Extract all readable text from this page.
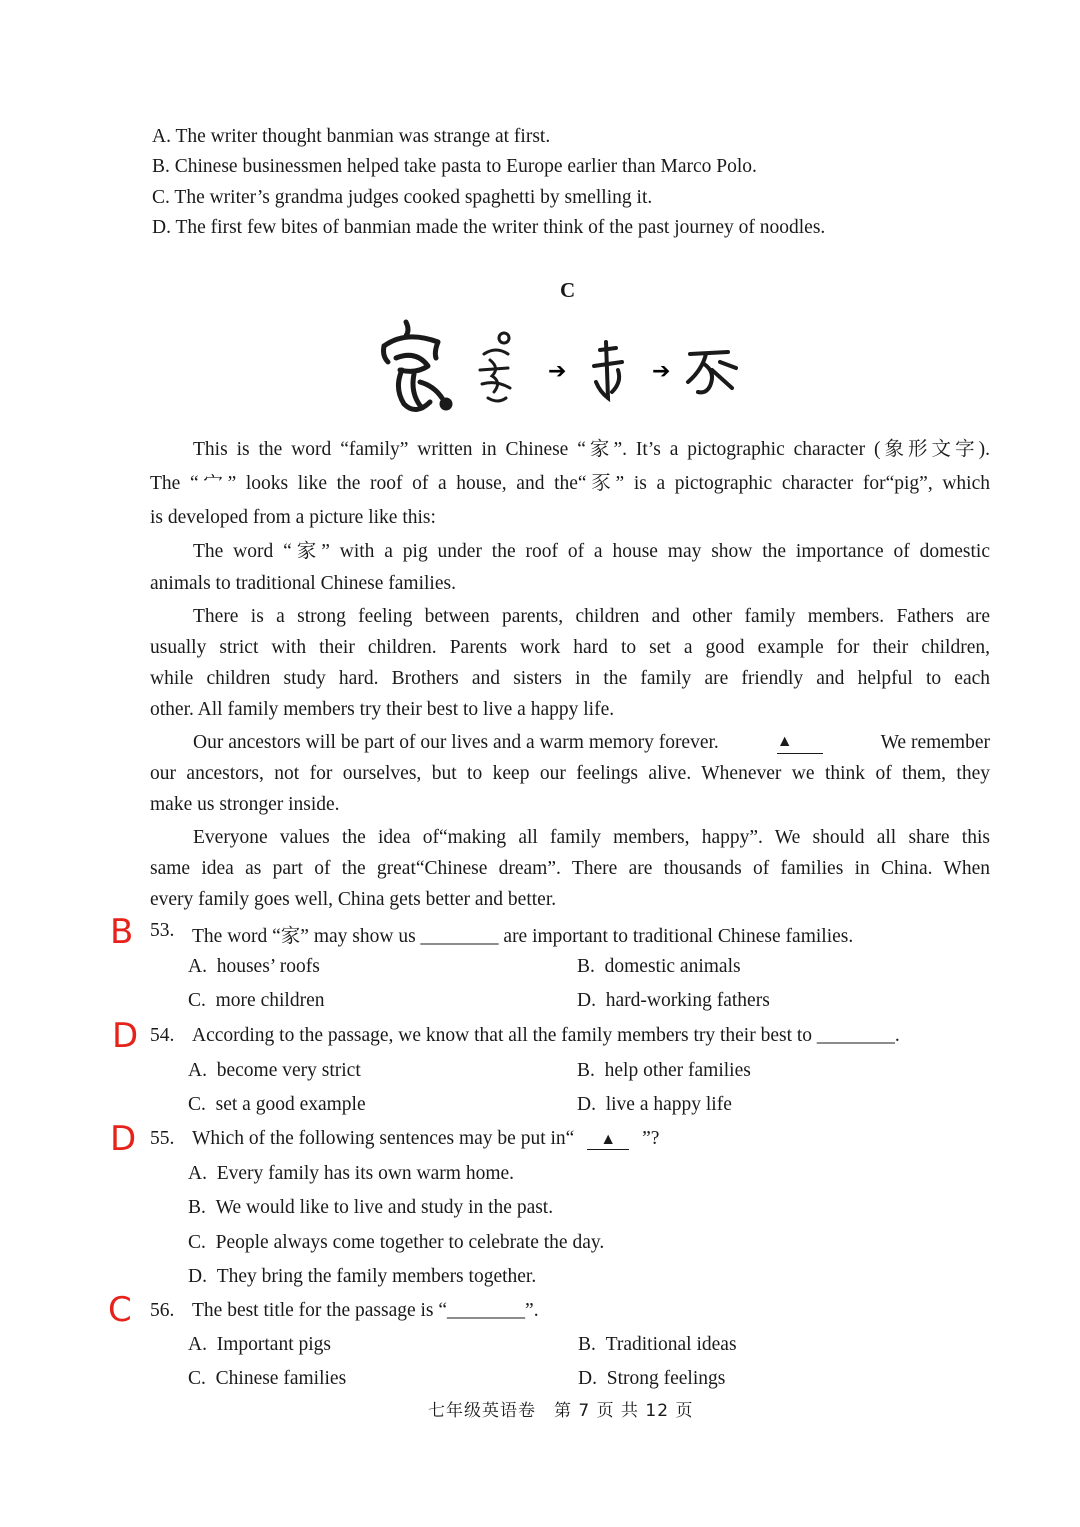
A. The writer thought banmian was strange at first.
B. Chinese businessmen helped take pasta to Europe earlier than Marco Polo.
C. The writer’s grandma judges cooked spaghetti by smelling it.
D. The first few bites of banmian made the writer think of the past journey of noodles.
C
➔	➔
This is the word “family” written in Chinese “家”. It’s a pictographic character (象形文字).
The “宀” looks like the roof of a house, and the“豕” is a pictographic character for“pig”, which
is developed from a picture like this:
The word “家” with a pig under the roof of a house may show the importance of domestic
animals to traditional Chinese families.
There is a strong feeling between parents, children and other family members. Fathers are
usually strict with their children. Parents work hard to set a good example for their children,
while children study hard. Brothers and sisters in the family are friendly and helpful to each
other. All family members try their best to live a happy life.
Our ancestors will be part of our lives and a warm memory forever.	▲	We remember
our ancestors, not for ourselves, but to keep our feelings alive. Whenever we think of them, they
make us stronger inside.
Everyone values the idea of“making all family members, happy”. We should all share this
same idea as part of the great“Chinese dream”. There are thousands of families in China. When
every family goes well, China gets better and better.
B 53. The word “家” may show us ________ are important to traditional Chinese families.
A. houses’ roofs	B. domestic animals
C. more children	D. hard-working fathers
D 54. According to the passage, we know that all the family members try their best to ________.
A. become very strict	B. help other families
C. set a good example	D. live a happy life
D 55. Which of the following sentences may be put in“ ▲ ”?
A. Every family has its own warm home.
B. We would like to live and study in the past.
C. People always come together to celebrate the day.
D. They bring the family members together.
C 56. The best title for the passage is “________”.
A. Important pigs	B. Traditional ideas
C. Chinese families	D. Strong feelings
七年级英语卷　第 7 页 共 12 页
